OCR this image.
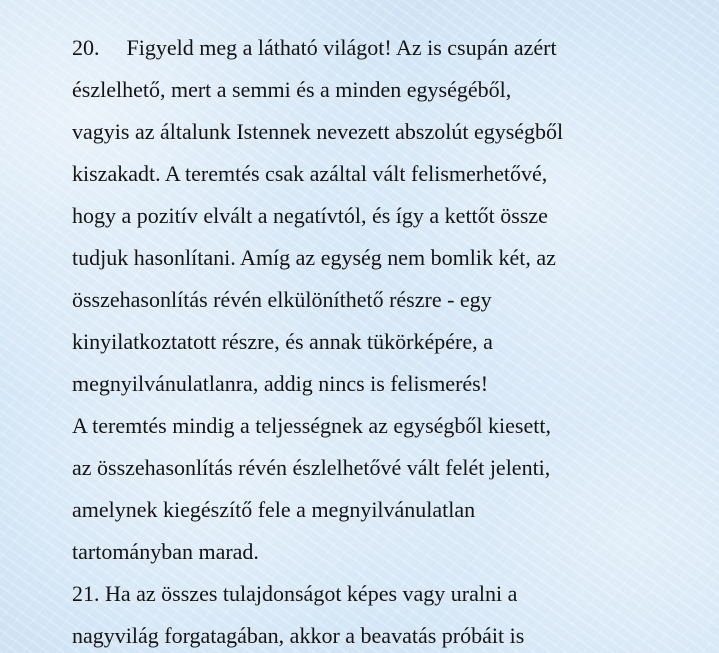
20. Figyeld meg a látható világot! Az is csupán azért
észlelhető, mert a semmi és a minden egységéből,
vagyis az általunk Istennek nevezett abszolút egységből
kiszakadt. A teremtés csak azáltal vált felismerhetővé,
hogy a pozitív elvált a negatívtól, és így a kettőt össze
tudjuk hasonlítani. Amíg az egység nem bomlik két, az
összehasonlítás révén elkülöníthető részre - egy
kinyilatkoztatott részre, és annak tükörképére, a
megnyilvánulatlanra, addig nincs is felismerés!
A teremtés mindig a teljességnek az egységből kiesett,
az összehasonlítás révén észlelhetővé vált felét jelenti,
amelynek kiegészítő fele a megnyilvánulatlan
tartományban marad.
21. Ha az összes tulajdonságot képes vagy uralni a
nagyvilág forgatagában, akkor a beavatás próbáit is
